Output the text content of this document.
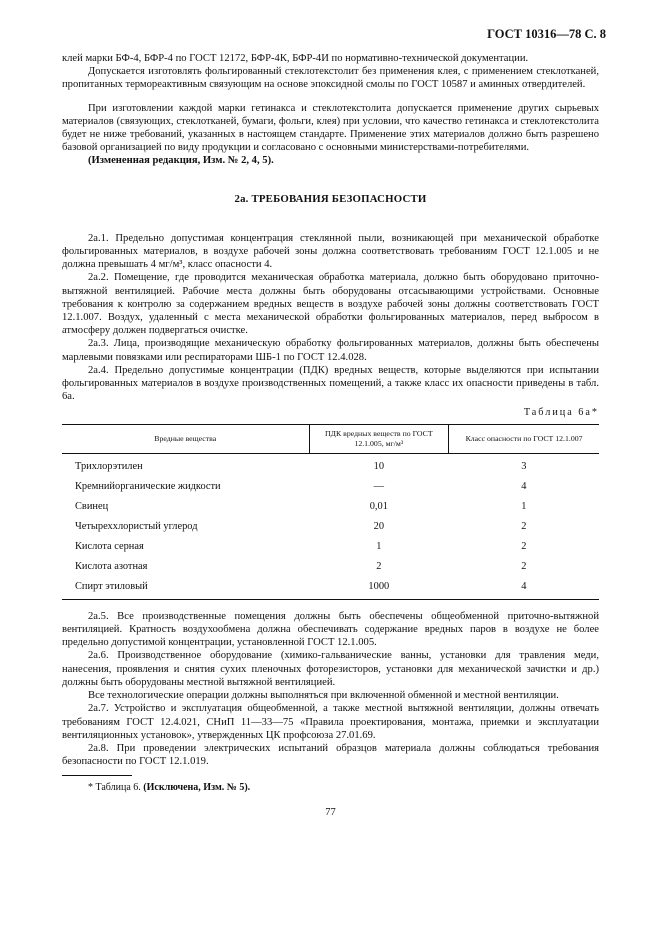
ГОСТ 10316—78 С. 8

клей марки БФ-4, БФР-4 по ГОСТ 12172, БФР-4К, БФР-4И по нормативно-технической документации.

Допускается изготовлять фольгированный стеклотекстолит без применения клея, с применением стеклотканей, пропитанных термореактивным связующим на основе эпоксидной смолы по ГОСТ 10587 и аминных отвердителей.

При изготовлении каждой марки гетинакса и стеклотекстолита допускается применение других сырьевых материалов (связующих, стеклотканей, бумаги, фольги, клея) при условии, что качество гетинакса и стеклотекстолита будет не ниже требований, указанных в настоящем стандарте. Применение этих материалов должно быть разрешено базовой организацией по виду продукции и согласовано с основными министерствами-потребителями.

(Измененная редакция, Изм. № 2, 4, 5).

2а. ТРЕБОВАНИЯ БЕЗОПАСНОСТИ

2а.1. Предельно допустимая концентрация стеклянной пыли, возникающей при механической обработке фольгированных материалов, в воздухе рабочей зоны должна соответствовать требованиям ГОСТ 12.1.005 и не должна превышать 4 мг/м³, класс опасности 4.

2а.2. Помещение, где проводится механическая обработка материала, должно быть оборудовано приточно-вытяжной вентиляцией. Рабочие места должны быть оборудованы отсасывающими устройствами. Основные требования к контролю за содержанием вредных веществ в воздухе рабочей зоны должны соответствовать ГОСТ 12.1.007. Воздух, удаленный с места механической обработки фольгированных материалов, перед выбросом в атмосферу должен подвергаться очистке.

2а.3. Лица, производящие механическую обработку фольгированных материалов, должны быть обеспечены марлевыми повязками или респираторами ШБ-1 по ГОСТ 12.4.028.

2а.4. Предельно допустимые концентрации (ПДК) вредных веществ, которые выделяются при испытании фольгированных материалов в воздухе производственных помещений, а также класс их опасности приведены в табл. 6а.

Таблица 6а*
Вредные вещества	ПДК вредных веществ по ГОСТ 12.1.005, мг/м³	Класс опасности по ГОСТ 12.1.007
Трихлорэтилен	10	3
Кремнийорганические жидкости	—	4
Свинец	0,01	1
Четыреххлористый углерод	20	2
Кислота серная	1	2
Кислота азотная	2	2
Спирт этиловый	1000	4

2а.5. Все производственные помещения должны быть обеспечены общеобменной приточно-вытяжной вентиляцией. Кратность воздухообмена должна обеспечивать содержание вредных паров в воздухе не более предельно допустимой концентрации, установленной ГОСТ 12.1.005.

2а.6. Производственное оборудование (химико-гальванические ванны, установки для травления меди, нанесения, проявления и снятия сухих пленочных фоторезисторов, установки для механической зачистки и др.) должны быть оборудованы местной вытяжной вентиляцией.

Все технологические операции должны выполняться при включенной обменной и местной вентиляции.

2а.7. Устройство и эксплуатация общеобменной, а также местной вытяжной вентиляции, должны отвечать требованиям ГОСТ 12.4.021, СНиП 11—33—75 «Правила проектирования, монтажа, приемки и эксплуатации вентиляционных установок», утвержденных ЦК профсоюза 27.01.69.

2а.8. При проведении электрических испытаний образцов материала должны соблюдаться требования безопасности по ГОСТ 12.1.019.

* Таблица 6. (Исключена, Изм. № 5).

77
